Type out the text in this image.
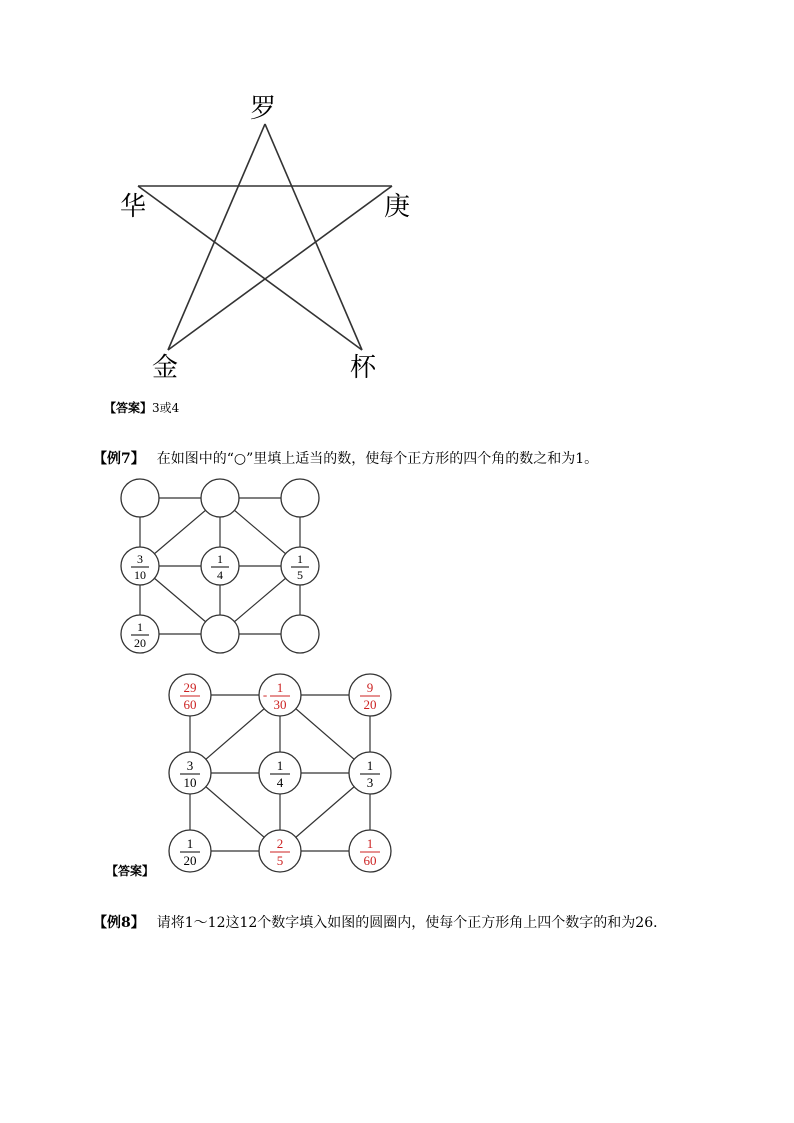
罗
华	庚
金	杯
【答案】3或4
【例7】 在如图中的“○”里填上适当的数，使每个正方形的四个角的数之和为1。
3
10
1
4
1
5
1
20
29
60
1
30
-	9
20
3
10
1
4
1
3
1
20
2
5
1
60
【答案】
【例8】 请将1～12这12个数字填入如图的圆圈内，使每个正方形角上四个数字的和为26．
